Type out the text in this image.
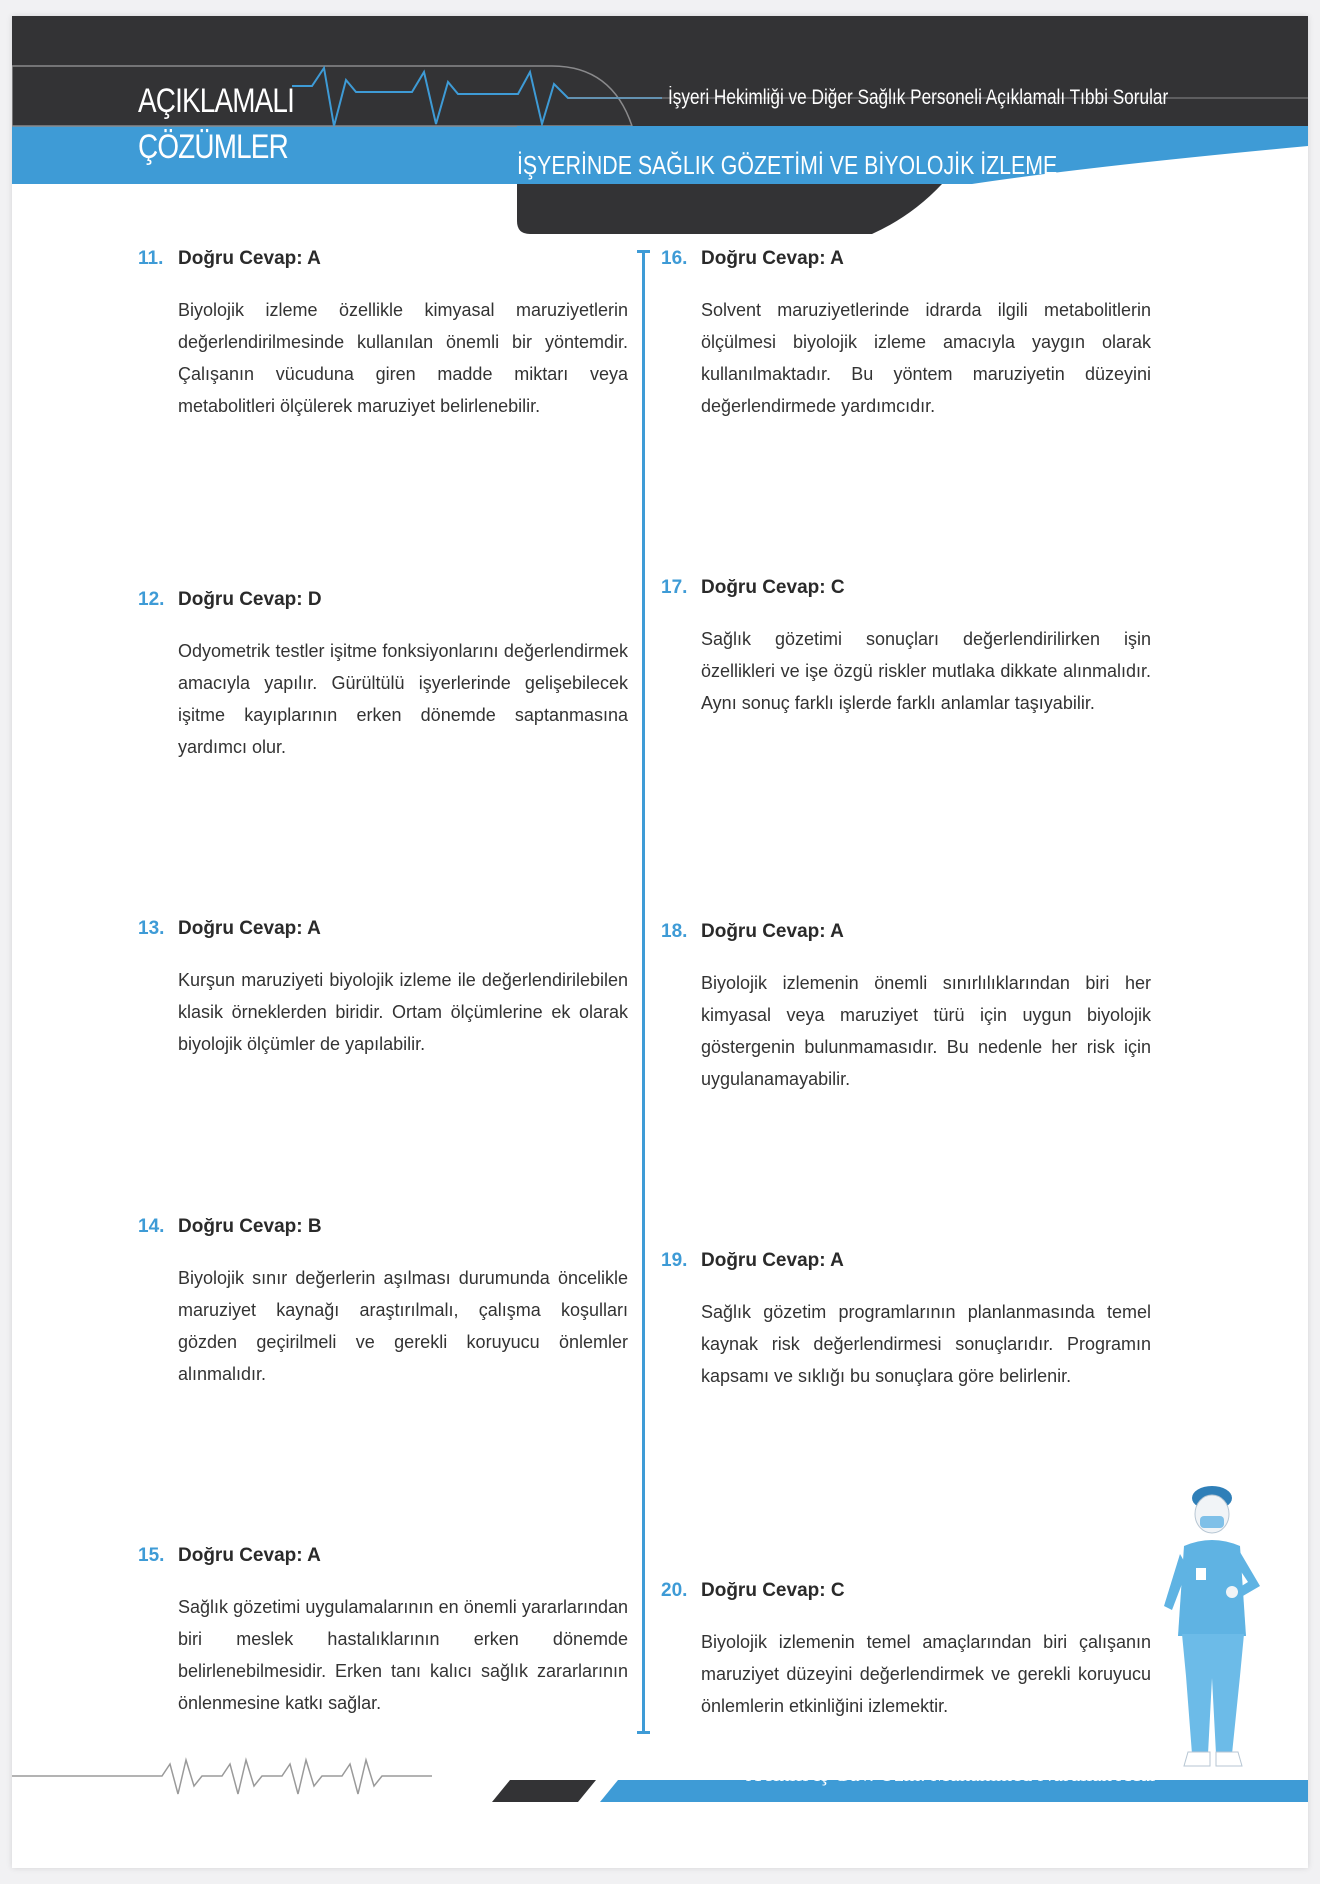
AÇIKLAMALI
ÇÖZÜMLER
İşyeri Hekimliği ve Diğer Sağlık Personeli Açıklamalı Tıbbi Sorular
İŞYERİNDE SAĞLIK GÖZETİMİ VE BİYOLOJİK İZLEME
11. Doğru Cevap: A
Biyolojik izleme özellikle kimyasal maruziyetlerin değerlendirilmesinde kullanılan önemli bir yöntemdir. Çalışanın vücuduna giren madde miktarı veya metabolitleri ölçülerek maruziyet belirlenebilir.
12. Doğru Cevap: D
Odyometrik testler işitme fonksiyonlarını değerlendirmek amacıyla yapılır. Gürültülü işyerlerinde gelişebilecek işitme kayıplarının erken dönemde saptanmasına yardımcı olur.
13. Doğru Cevap: A
Kurşun maruziyeti biyolojik izleme ile değerlendirilebilen klasik örneklerden biridir. Ortam ölçümlerine ek olarak biyolojik ölçümler de yapılabilir.
14. Doğru Cevap: B
Biyolojik sınır değerlerin aşılması durumunda öncelikle maruziyet kaynağı araştırılmalı, çalışma koşulları gözden geçirilmeli ve gerekli koruyucu önlemler alınmalıdır.
15. Doğru Cevap: A
Sağlık gözetimi uygulamalarının en önemli yararlarından biri meslek hastalıklarının erken dönemde belirlenebilmesidir. Erken tanı kalıcı sağlık zararlarının önlenmesine katkı sağlar.
16. Doğru Cevap: A
Solvent maruziyetlerinde idrarda ilgili metabolitlerin ölçülmesi biyolojik izleme amacıyla yaygın olarak kullanılmaktadır. Bu yöntem maruziyetin düzeyini değerlendirmede yardımcıdır.
17. Doğru Cevap: C
Sağlık gözetimi sonuçları değerlendirilirken işin özellikleri ve işe özgü riskler mutlaka dikkate alınmalıdır. Aynı sonuç farklı işlerde farklı anlamlar taşıyabilir.
18. Doğru Cevap: A
Biyolojik izlemenin önemli sınırlılıklarından biri her kimyasal veya maruziyet türü için uygun biyolojik göstergenin bulunmamasıdır. Bu nedenle her risk için uygulanamayabilir.
19. Doğru Cevap: A
Sağlık gözetim programlarının planlanmasında temel kaynak risk değerlendirmesi sonuçlarıdır. Programın kapsamı ve sıklığı bu sonuçlara göre belirlenir.
20. Doğru Cevap: C
Biyolojik izlemenin temel amaçlarından biri çalışanın maruziyet düzeyini değerlendirmek ve gerekli koruyucu önlemlerin etkinliğini izlemektir.
9	A sınıfı İş Güv. Uzm. Muhammed Nurullah Acar
